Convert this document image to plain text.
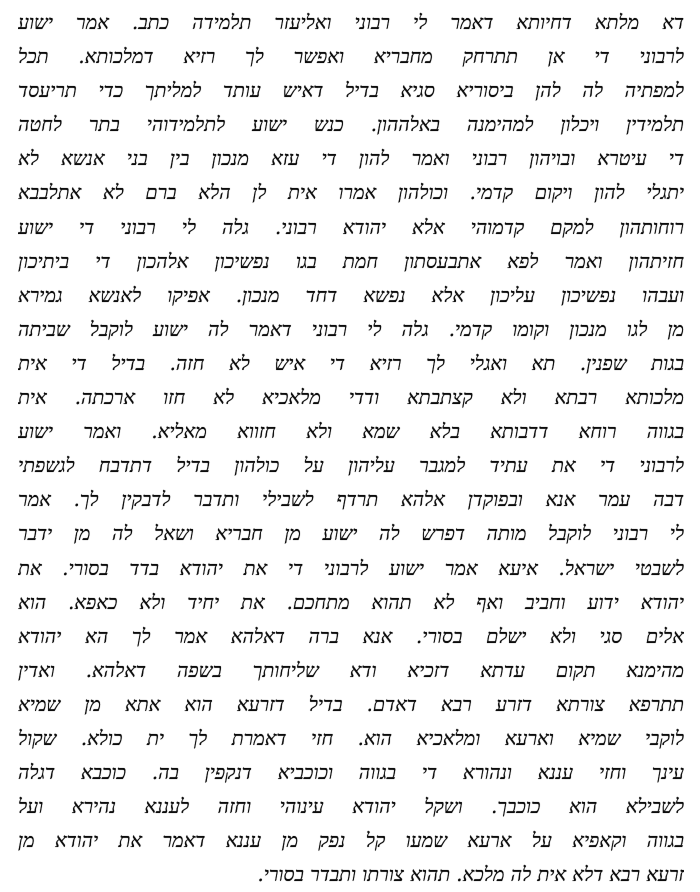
דא מלתא דחיותא דאמר לי רבוני ואליעזר תלמידה כתב. אמר ישוע
לרבוני די אן תתרחק מחבריא ואפשר לך רזיא דמלכותא. תכל
למפתיה לה להן ביסוריא סגיא בדיל דאיש עותד למליתך כדי תריעסד
תלמידין ויכלון למהימנה באלההון. כנש ישוע לתלמידוהי בתר לחטה
די עיטרא ובויהון רבוני ואמר להון די עזא מנכון בין בני אנשא לא
יתגלי להון ויקום קדמי. וכולהון אמרו אית לן הלא ברם לא אתלבבא
רוחותהון למקם קדמוהי אלא יהודא רבוני. גלה לי רבוני די ישוע
חזיתהון ואמר לפא אתבעסתון חמת בגו נפשיכון אלהכון די ביתיכון
ועבהו נפשיכון עליכון אלא נפשא דחד מנכון. אפיקו לאנשא גמירא
מן לגו מנכון וקומו קדמי. גלה לי רבוני דאמר לה ישוע לוקבל שביתה
בגות שפנין. תא ואגלי לך רזיא די איש לא חזה. בדיל די אית
מלכותא רבתא ולא קצתבתא ודדי מלאכיא לא חזו ארכתה. אית
בגווה רוחא דדבותא בלא שמא ולא חזווא מאליא. ואמר ישוע
לרבוני די את עתיד למגבר עליהון על כולהון בדיל דתדבח לגשפתי
דבה עמר אנא ובפוקדן אלהא תרדף לשבילי ותדבר לדבקין לך. אמר
לי רבוני לוקבל מותה דפרש לה ישוע מן חבריא ושאל לה מן ידבר
לשבטי ישראל. איעא אמר ישוע לרבוני די את יהודא בדד בסורי. את
יהודא ידוע וחביב ואף לא תהוא מתחכם. את יחיד ולא כאפא. הוא
אלים סגי ולא ישלם בסורי. אנא ברה דאלהא אמר לך הא יהודא
מהימנא תקום עדתא דזכיא ודא שליחותך בשפה דאלהא. ואדין
תתרפא צורתא דזרע רבא דאדם. בדיל דזרעא הוא אתא מן שמיא
לוקבי שמיא וארעא ומלאכיא הוא. חזי דאמרת לך ית כולא. שקול
עינך וחזי עננא ונהורא די בגווה וכוכביא דנקפין בה. כוכבא דגלה
לשבילא הוא כוכבך. ושקל יהודא עינוהי וחזה לעננא נהירא ועל
בגווה וקאפיא על ארעא שמעו קל נפק מן עננא דאמר את יהודא מן
זרעא רבא דלא אית לה מלכא. תהוא צורתו ותבדר בסורי.
